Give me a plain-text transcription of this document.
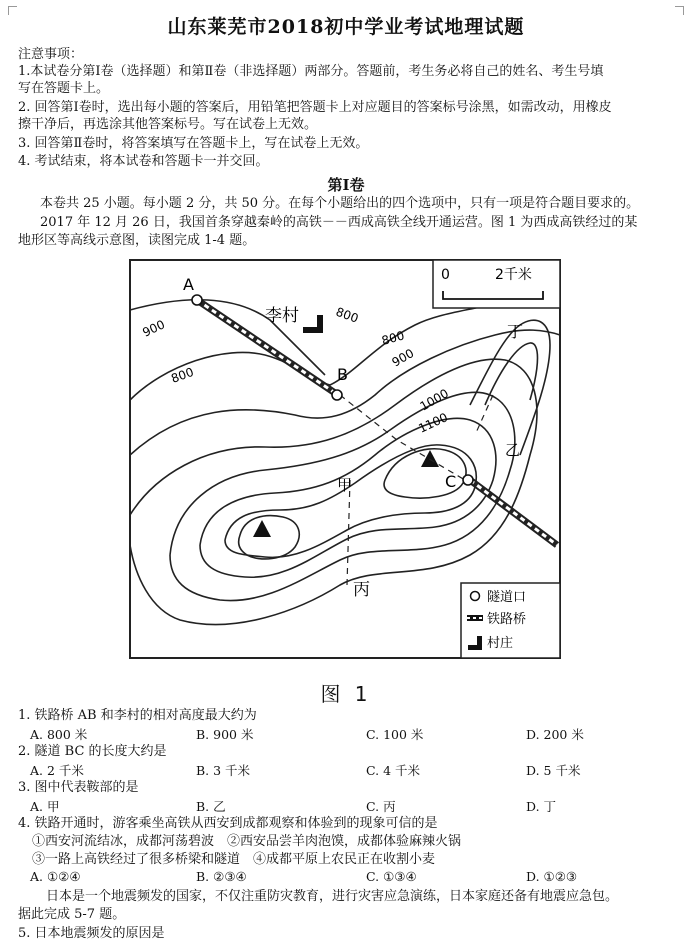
山东莱芜市2018初中学业考试地理试题
注意事项：
1.本试卷分第Ⅰ卷（选择题）和第Ⅱ卷（非选择题）两部分。答题前，考生务必将自己的姓名、考生号填
写在答题卡上。
2. 回答第Ⅰ卷时，选出每小题的答案后，用铅笔把答题卡上对应题目的答案标号涂黑，如需改动，用橡皮
擦干净后，再选涂其他答案标号。写在试卷上无效。
3. 回答第Ⅱ卷时，将答案填写在答题卡上，写在试卷上无效。
4. 考试结束，将本试卷和答题卡一并交回。
第Ⅰ卷
本卷共 25 小题。每小题 2 分，共 50 分。在每个小题给出的四个选项中，只有一项是符合题目要求的。
2017 年 12 月 26 日，我国首条穿越秦岭的高铁－－西成高铁全线开通运营。图 1 为西成高铁经过的某
地形区等高线示意图，读图完成 1-4 题。
A
B
C
李村
甲
乙
丙
丁
900
800
800
800
900
1000
1100
0	2千米
隧道口
铁路桥
村庄
图 1
1. 铁路桥 AB 和李村的相对高度最大约为
A. 800 米	B. 900 米	C. 100 米	D. 200 米
2. 隧道 BC 的长度大约是
A. 2 千米	B. 3 千米	C. 4 千米	D. 5 千米
3. 图中代表鞍部的是
A. 甲	B. 乙	C. 丙	D. 丁
4. 铁路开通时，游客乘坐高铁从西安到成都观察和体验到的现象可信的是
①西安河流结冰，成都河荡碧波　②西安品尝羊肉泡馍，成都体验麻辣火锅
③一路上高铁经过了很多桥梁和隧道　④成都平原上农民正在收割小麦
A. ①②④	B. ②③④	C. ①③④	D. ①②③
日本是一个地震频发的国家，不仅注重防灾教育，进行灾害应急演练，日本家庭还备有地震应急包。
据此完成 5-7 题。
5. 日本地震频发的原因是
